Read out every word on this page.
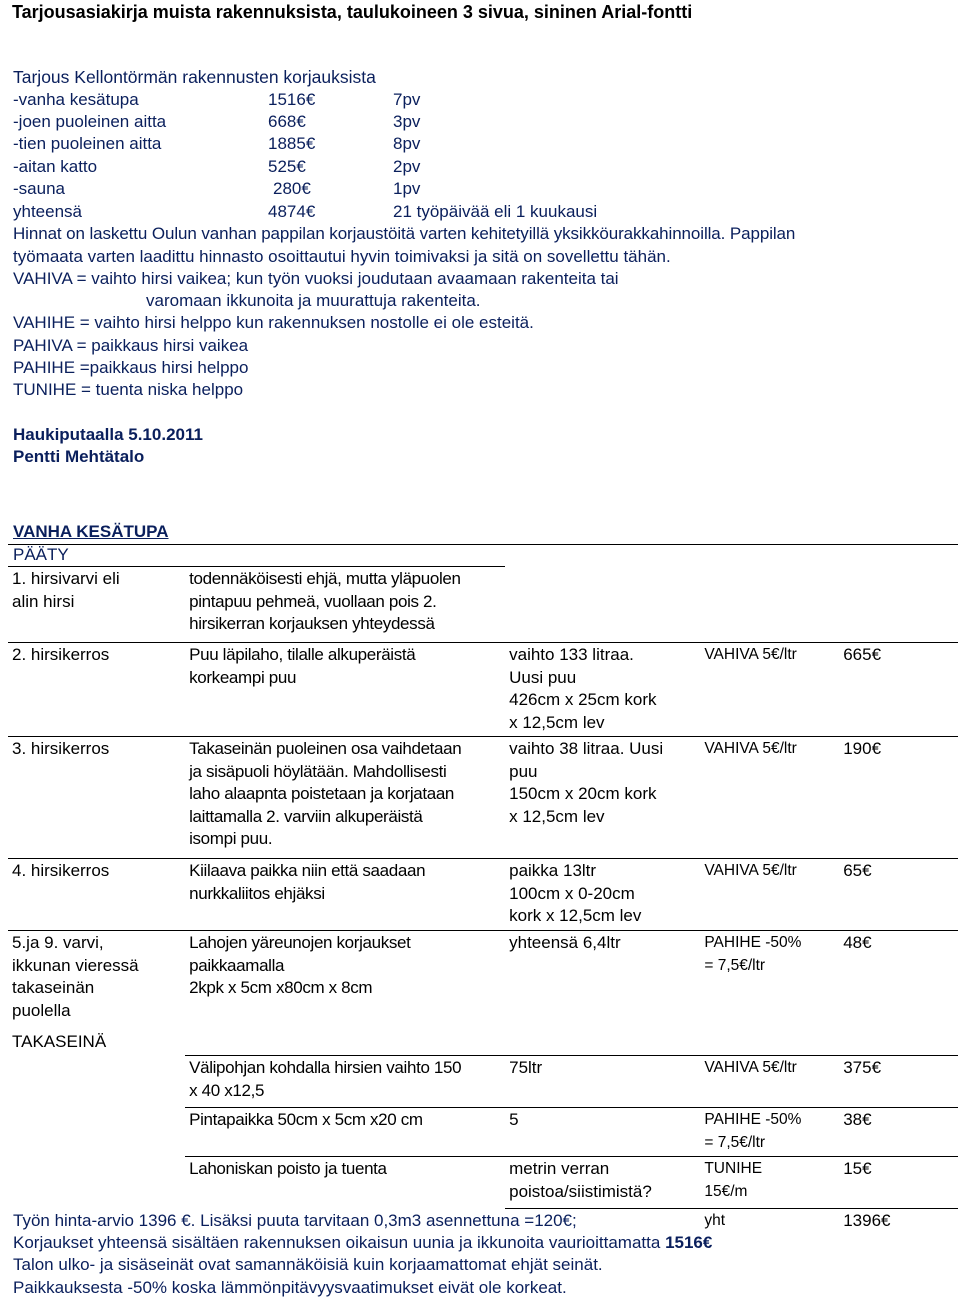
Tarjousasiakirja muista rakennuksista, taulukoineen 3 sivua, sininen Arial-fontti
Tarjous Kellontörmän rakennusten korjauksista
-vanha kesätupa	1516€	7pv
-joen puoleinen aitta	668€	3pv
-tien puoleinen aitta	1885€	8pv
-aitan katto	525€	2pv
-sauna	280€	1pv
yhteensä	4874€	21 työpäivää eli 1 kuukausi
Hinnat on laskettu Oulun vanhan pappilan korjaustöitä varten kehitetyillä yksikköurakkahinnoilla. Pappilan
työmaata varten laadittu hinnasto osoittautui hyvin toimivaksi ja sitä on sovellettu tähän.
VAHIVA = vaihto hirsi vaikea; kun työn vuoksi joudutaan avaamaan rakenteita tai
varomaan ikkunoita ja muurattuja rakenteita.
VAHIHE = vaihto hirsi helppo kun rakennuksen nostolle ei ole esteitä.
PAHIVA = paikkaus hirsi vaikea
PAHIHE =paikkaus hirsi helppo
TUNIHE = tuenta niska helppo
Haukiputaalla 5.10.2011
Pentti Mehtätalo
VANHA KESÄTUPA
PÄÄTY

1. hirsivarvi eli
alin hirsi	todennäköisesti ehjä, mutta yläpuolen
pintapuu pehmeä, vuollaan pois 2.
hirsikerran korjauksen yhteydessä			

2. hirsikerros	Puu läpilaho, tilalle alkuperäistä
korkeampi puu	vaihto 133 litraa.
Uusi puu
426cm x 25cm kork
x 12,5cm lev	VAHIVA 5€/ltr	665€

3. hirsikerros	Takaseinän puoleinen osa vaihdetaan
ja sisäpuoli höylätään. Mahdollisesti
laho alaapnta poistetaan ja korjataan
laittamalla 2. varviin alkuperäistä
isompi puu.	vaihto 38 litraa. Uusi
puu
150cm x 20cm kork
x 12,5cm lev	VAHIVA 5€/ltr	190€

4. hirsikerros	Kiilaava paikka niin että saadaan
nurkkaliitos ehjäksi	paikka 13ltr
100cm x 0-20cm
kork x 12,5cm lev	VAHIVA 5€/ltr	65€

5.ja 9. varvi,
ikkunan vieressä
takaseinän
puolella	Lahojen yäreunojen korjaukset
paikkaamalla
2kpk x 5cm x80cm x 8cm	yhteensä 6,4ltr	PAHIHE -50%
= 7,5€/ltr	48€

TAKASEINÄ				

	Välipohjan kohdalla hirsien vaihto 150
x 40 x12,5	75ltr	VAHIVA 5€/ltr	375€

	Pintapaikka 50cm x 5cm x20 cm	5	PAHIHE -50%
= 7,5€/ltr	38€

	Lahoniskan poisto ja tuenta	metrin verran
poistoa/siistimistä?	TUNIHE
15€/m	15€

			yht	1396€
Työn hinta-arvio 1396 €. Lisäksi puuta tarvitaan 0,3m3 asennettuna =120€;
Korjaukset yhteensä sisältäen rakennuksen oikaisun uunia ja ikkunoita vaurioittamatta 1516€
Talon ulko- ja sisäseinät ovat samannäköisiä kuin korjaamattomat ehjät seinät.
Paikkauksesta -50% koska lämmönpitävyysvaatimukset eivät ole korkeat.
